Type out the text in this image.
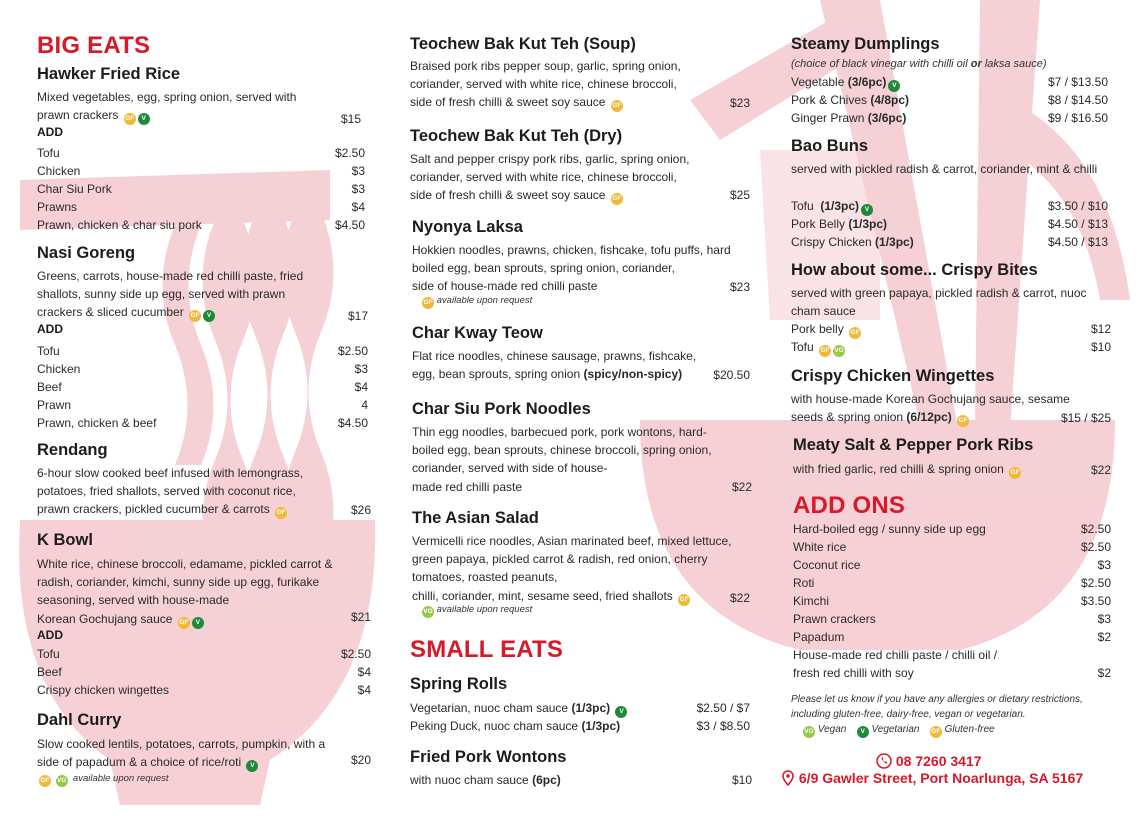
BIG EATS
Hawker Fried Rice
Mixed vegetables, egg, spring onion, served with
prawn crackers GF V	$15
ADD
Tofu	$2.50
Chicken	$3
Char Siu Pork	$3
Prawns	$4
Prawn, chicken & char siu pork	$4.50
Nasi Goreng
Greens, carrots, house-made red chilli paste, fried shallots, sunny side up egg, served with prawn
crackers & sliced cucumber GF V	$17
ADD
Tofu	$2.50
Chicken	$3
Beef	$4
Prawn	4
Prawn, chicken & beef	$4.50
Rendang
6-hour slow cooked beef infused with lemongrass, potatoes, fried shallots, served with coconut rice,
prawn crackers, pickled cucumber & carrots GF	$26
K Bowl
White rice, chinese broccoli, edamame, pickled carrot & radish, coriander, kimchi, sunny side up egg, furikake seasoning, served with house-made
Korean Gochujang sauce GF V	$21
ADD
Tofu	$2.50
Beef	$4
Crispy chicken wingettes	$4
Dahl Curry
Slow cooked lentils, potatoes, carrots, pumpkin, with a
side of papadum & a choice of rice/roti V	$20
GF VG available upon request
Teochew Bak Kut Teh (Soup)
Braised pork ribs pepper soup, garlic, spring onion, coriander, served with white rice, chinese broccoli,
side of fresh chilli & sweet soy sauce GF	$23
Teochew Bak Kut Teh (Dry)
Salt and pepper crispy pork ribs, garlic, spring onion, coriander, served with white rice, chinese broccoli,
side of fresh chilli & sweet soy sauce GF	$25
Nyonya Laksa
Hokkien noodles, prawns, chicken, fishcake, tofu puffs, hard boiled egg, bean sprouts, spring onion, coriander,
side of house-made red chilli paste	$23
GF available upon request
Char Kway Teow
Flat rice noodles, chinese sausage, prawns, fishcake,
egg, bean sprouts, spring onion (spicy/non-spicy)	$20.50
Char Siu Pork Noodles
Thin egg noodles, barbecued pork, pork wontons, hard-boiled egg, bean sprouts, chinese broccoli, spring onion, coriander, served with side of house-
made red chilli paste	$22
The Asian Salad
Vermicelli rice noodles, Asian marinated beef, mixed lettuce, green papaya, pickled carrot & radish, red onion, cherry tomatoes, roasted peanuts,
chilli, coriander, mint, sesame seed, fried shallots GF	$22
VG available upon request
SMALL EATS
Spring Rolls
Vegetarian, nuoc cham sauce (1/3pc) V	$2.50 / $7
Peking Duck, nuoc cham sauce (1/3pc)	$3 / $8.50
Fried Pork Wontons
with nuoc cham sauce (6pc)	$10
Steamy Dumplings
(choice of black vinegar with chilli oil or laksa sauce)
Vegetable (3/6pc) V	$7 / $13.50
Pork & Chives (4/8pc)	$8 / $14.50
Ginger Prawn (3/6pc)	$9 / $16.50
Bao Buns
served with pickled radish & carrot, coriander, mint & chilli
Tofu (1/3pc) V	$3.50 / $10
Pork Belly (1/3pc)	$4.50 / $13
Crispy Chicken (1/3pc)	$4.50 / $13
How about some... Crispy Bites
served with green papaya, pickled radish & carrot, nuoc cham sauce
Pork belly GF	$12
Tofu GF VG	$10
Crispy Chicken Wingettes
with house-made Korean Gochujang sauce, sesame
seeds & spring onion (6/12pc) GF	$15 / $25
Meaty Salt & Pepper Pork Ribs
with fried garlic, red chilli & spring onion GF	$22
ADD ONS
Hard-boiled egg / sunny side up egg	$2.50
White rice	$2.50
Coconut rice	$3
Roti	$2.50
Kimchi	$3.50
Prawn crackers	$3
Papadum	$2
House-made red chilli paste / chilli oil /
fresh red chilli with soy	$2
Please let us know if you have any allergies or dietary restrictions, including gluten-free, dairy-free, vegan or vegetarian.
VG Vegan V Vegetarian GF Gluten-free
08 7260 3417
6/9 Gawler Street, Port Noarlunga, SA 5167
